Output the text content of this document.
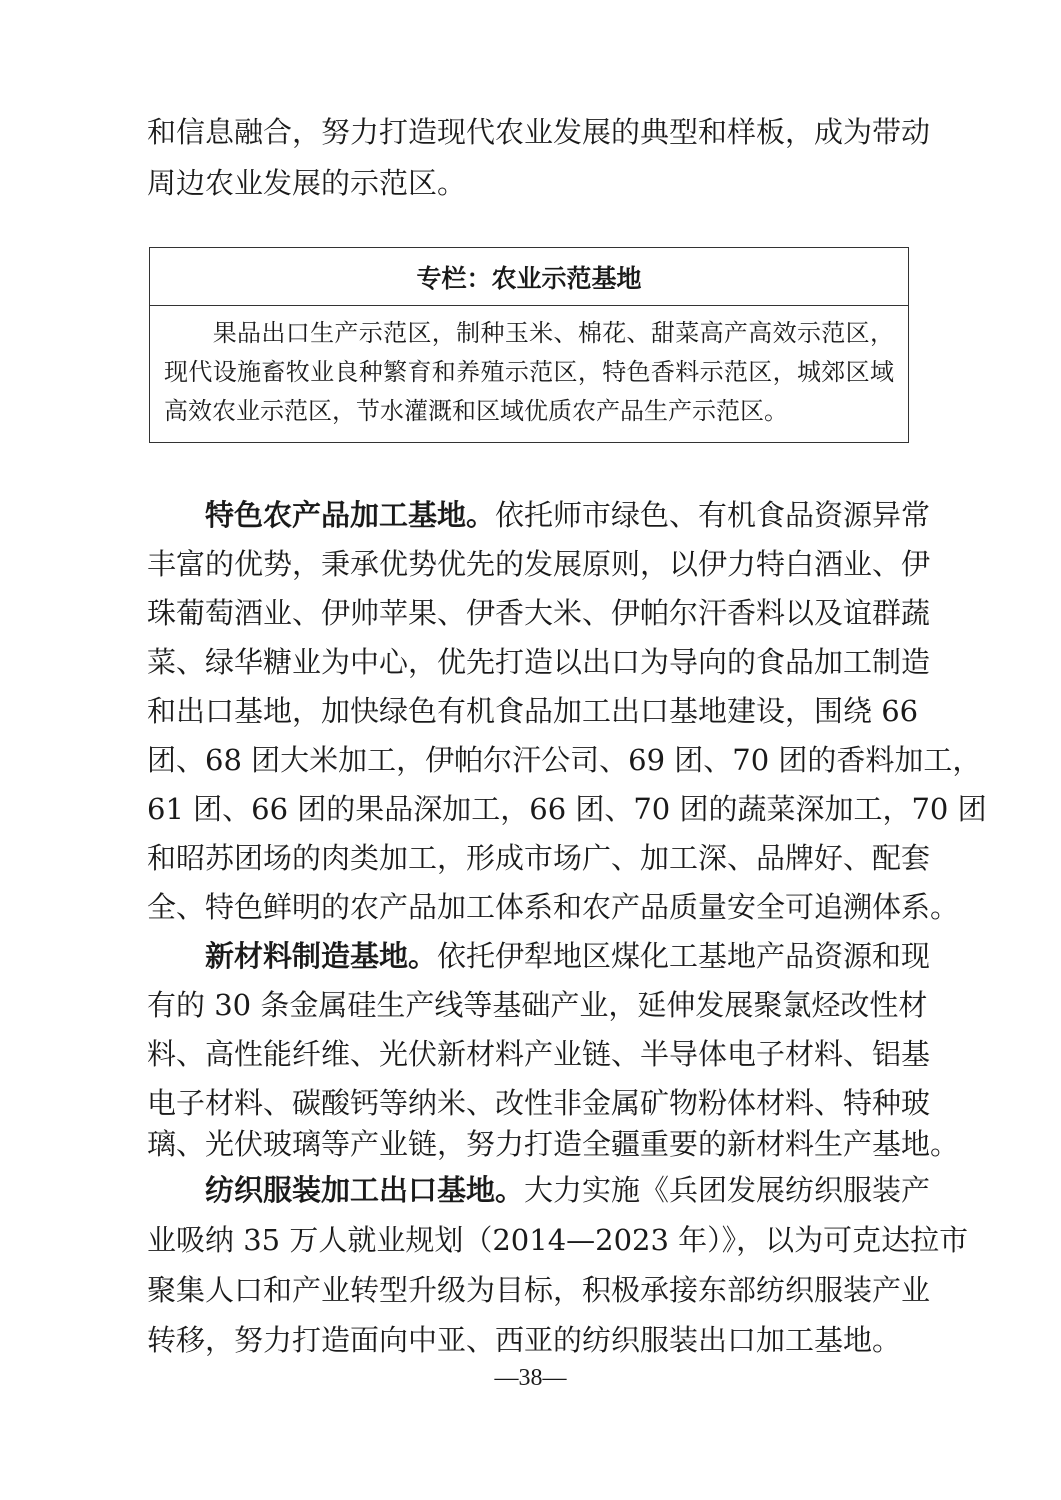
和信息融合，努力打造现代农业发展的典型和样板，成为带动
周边农业发展的示范区。
专栏：农业示范基地
　　果品出口生产示范区，制种玉米、棉花、甜菜高产高效示范区，
现代设施畜牧业良种繁育和养殖示范区，特色香料示范区，城郊区域
高效农业示范区，节水灌溉和区域优质农产品生产示范区。
特色农产品加工基地。依托师市绿色、有机食品资源异常
丰富的优势，秉承优势优先的发展原则，以伊力特白酒业、伊
珠葡萄酒业、伊帅苹果、伊香大米、伊帕尔汗香料以及谊群蔬
菜、绿华糖业为中心，优先打造以出口为导向的食品加工制造
和出口基地，加快绿色有机食品加工出口基地建设，围绕 66
团、68 团大米加工，伊帕尔汗公司、69 团、70 团的香料加工，
61 团、66 团的果品深加工，66 团、70 团的蔬菜深加工，70 团
和昭苏团场的肉类加工，形成市场广、加工深、品牌好、配套
全、特色鲜明的农产品加工体系和农产品质量安全可追溯体系。
新材料制造基地。依托伊犁地区煤化工基地产品资源和现
有的 30 条金属硅生产线等基础产业，延伸发展聚氯烃改性材
料、高性能纤维、光伏新材料产业链、半导体电子材料、铝基
电子材料、碳酸钙等纳米、改性非金属矿物粉体材料、特种玻
璃、光伏玻璃等产业链，努力打造全疆重要的新材料生产基地。
纺织服装加工出口基地。大力实施《兵团发展纺织服装产
业吸纳 35 万人就业规划（2014—2023 年）》，以为可克达拉市
聚集人口和产业转型升级为目标，积极承接东部纺织服装产业
—38—
转移，努力打造面向中亚、西亚的纺织服装出口加工基地。
